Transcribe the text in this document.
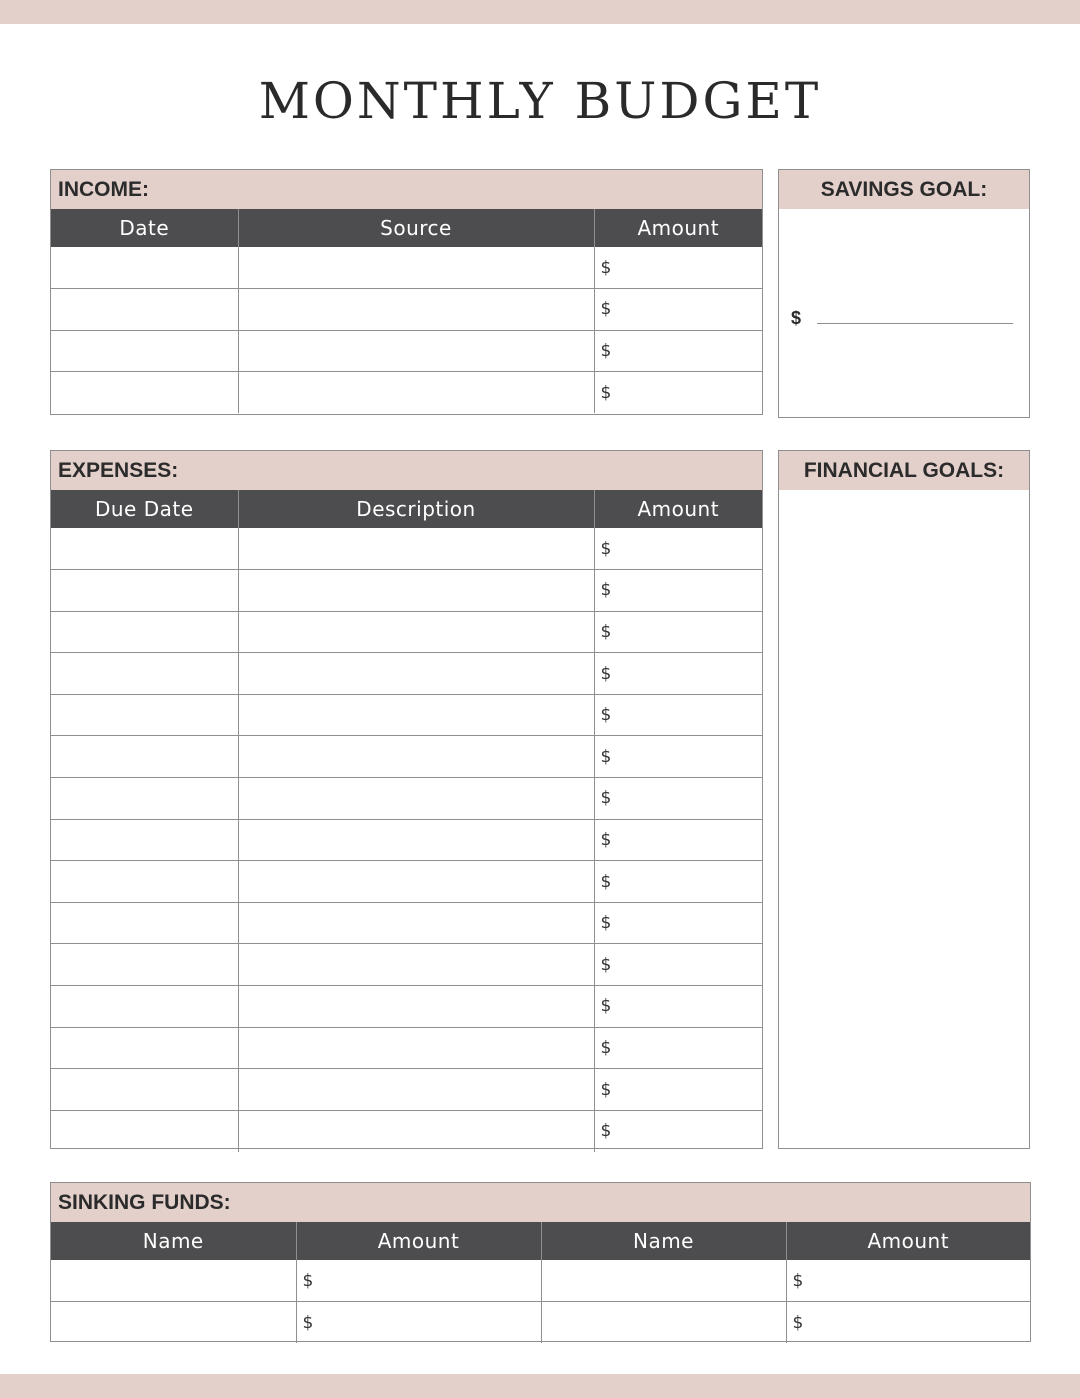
MONTHLY BUDGET
INCOME:
Date	Source	Amount
		$
		$
		$
		$
SAVINGS GOAL:
$
EXPENSES:
Due Date	Description	Amount
		$
		$
		$
		$
		$
		$
		$
		$
		$
		$
		$
		$
		$
		$
		$
FINANCIAL GOALS:
SINKING FUNDS:
Name	Amount	Name	Amount
	$		$
	$		$
